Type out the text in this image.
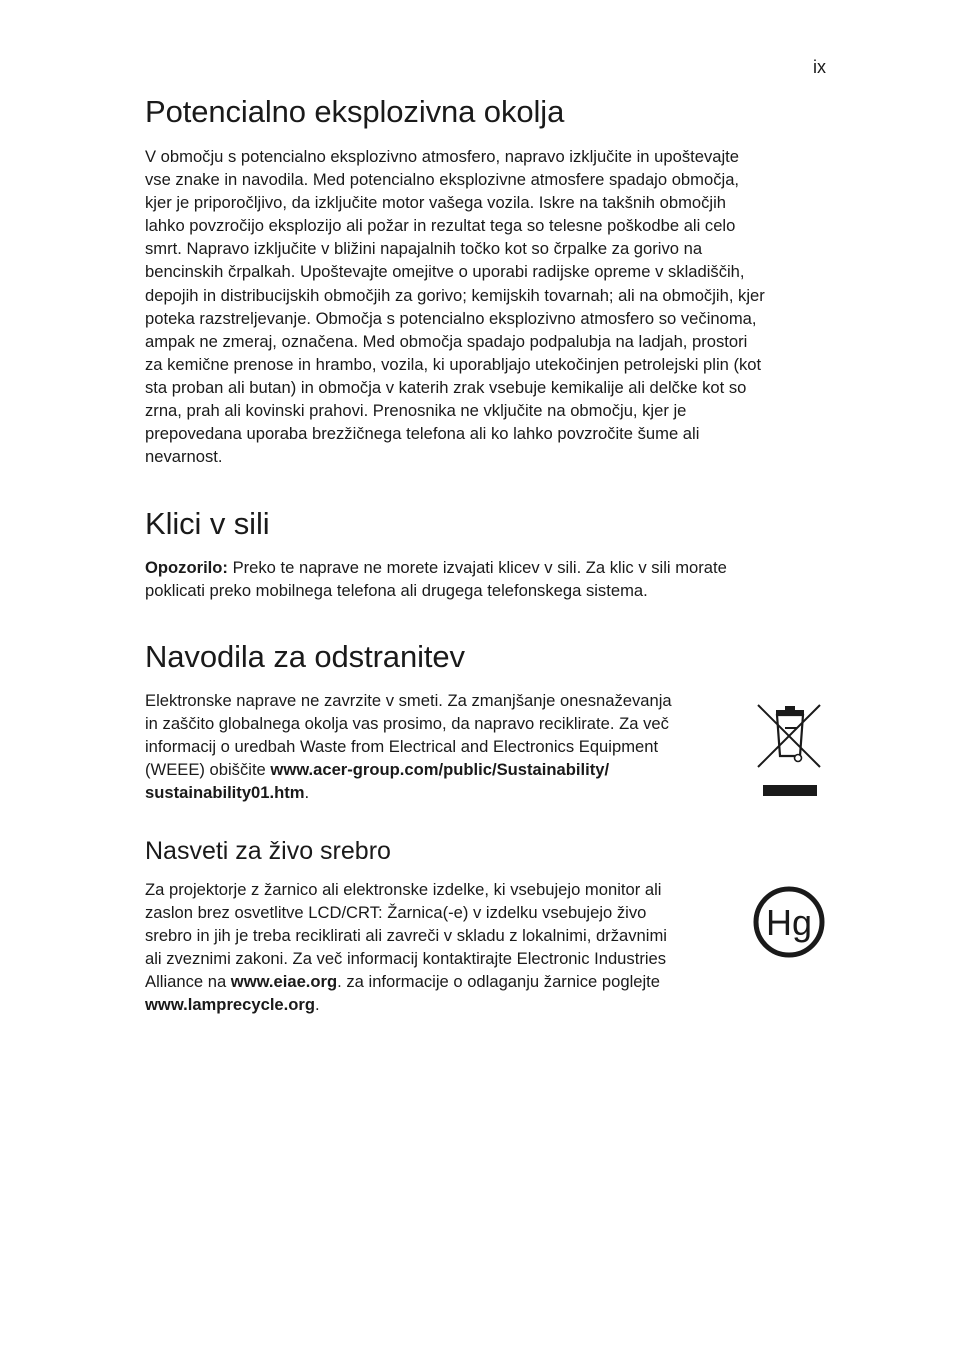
ix
Potencialno eksplozivna okolja
V območju s potencialno eksplozivno atmosfero, napravo izključite in upoštevajte
vse znake in navodila. Med potencialno eksplozivne atmosfere spadajo območja,
kjer je priporočljivo, da izključite motor vašega vozila. Iskre na takšnih območjih
lahko povzročijo eksplozijo ali požar in rezultat tega so telesne poškodbe ali celo
smrt. Napravo izključite v bližini napajalnih točko kot so črpalke za gorivo na
bencinskih črpalkah. Upoštevajte omejitve o uporabi radijske opreme v skladiščih,
depojih in distribucijskih območjih za gorivo; kemijskih tovarnah; ali na območjih, kjer
poteka razstreljevanje. Območja s potencialno eksplozivno atmosfero so večinoma,
ampak ne zmeraj, označena. Med območja spadajo podpalubja na ladjah, prostori
za kemične prenose in hrambo, vozila, ki uporabljajo utekočinjen petrolejski plin (kot
sta proban ali butan) in območja v katerih zrak vsebuje kemikalije ali delčke kot so
zrna, prah ali kovinski prahovi. Prenosnika ne vključite na območju, kjer je
prepovedana uporaba brezžičnega telefona ali ko lahko povzročite šume ali
nevarnost.
Klici v sili
Opozorilo: Preko te naprave ne morete izvajati klicev v sili. Za klic v sili morate
poklicati preko mobilnega telefona ali drugega telefonskega sistema.
Navodila za odstranitev
Elektronske naprave ne zavrzite v smeti. Za zmanjšanje onesnaževanja
in zaščito globalnega okolja vas prosimo, da napravo reciklirate. Za več
informacij o uredbah Waste from Electrical and Electronics Equipment
(WEEE) obiščite www.acer-group.com/public/Sustainability/
sustainability01.htm.
Nasveti za živo srebro
Za projektorje z žarnico ali elektronske izdelke, ki vsebujejo monitor ali
zaslon brez osvetlitve LCD/CRT: Žarnica(-e) v izdelku vsebujejo živo
srebro in jih je treba reciklirati ali zavreči v skladu z lokalnimi, državnimi
ali zveznimi zakoni. Za več informacij kontaktirajte Electronic Industries
Alliance na www.eiae.org. za informacije o odlaganju žarnice poglejte
www.lamprecycle.org.
Hg
